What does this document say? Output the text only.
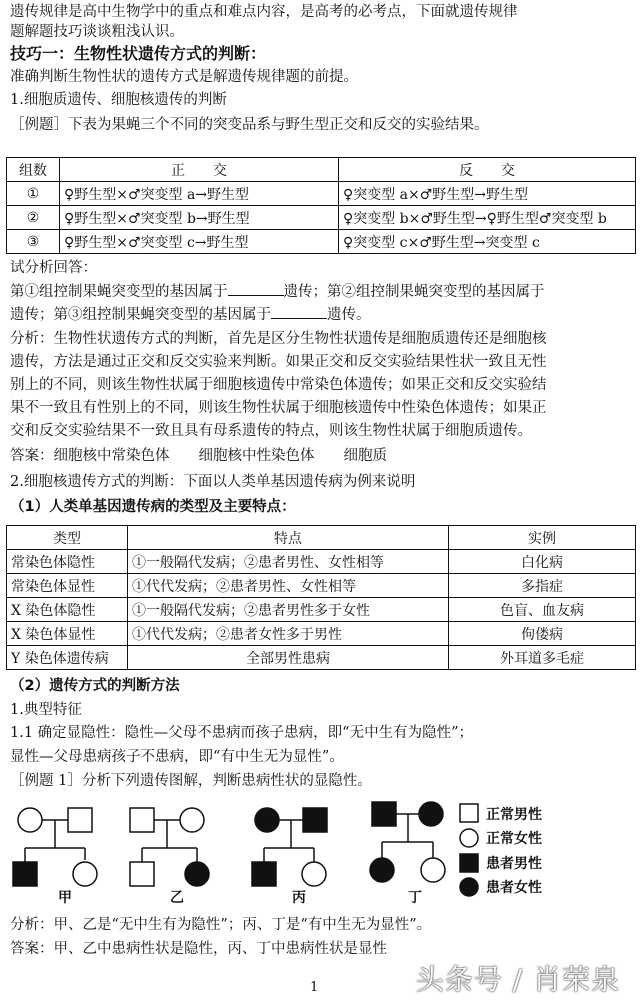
遗传规律是高中生物学中的重点和难点内容，是高考的必考点，下面就遗传规律
题解题技巧谈谈粗浅认识。
技巧一：生物性状遗传方式的判断：
准确判断生物性状的遗传方式是解遗传规律题的前提。
1.细胞质遗传、细胞核遗传的判断
［例题］下表为果蝇三个不同的突变品系与野生型正交和反交的实验结果。
组数	正　　交	反　　交
①	♀野生型×♂突变型 a→野生型	♀突变型 a×♂野生型→野生型
②	♀野生型×♂突变型 b→野生型	♀突变型 b×♂野生型→♀野生型♂突变型 b
③	♀野生型×♂突变型 c→野生型	♀突变型 c×♂野生型→突变型 c
试分析回答：
第①组控制果蝇突变型的基因属于	遗传；第②组控制果蝇突变型的基因属于
遗传；第③组控制果蝇突变型的基因属于	遗传。
分析：生物性状遗传方式的判断，首先是区分生物性状遗传是细胞质遗传还是细胞核
遗传，方法是通过正交和反交实验来判断。如果正交和反交实验结果性状一致且无性
别上的不同，则该生物性状属于细胞核遗传中常染色体遗传；如果正交和反交实验结
果不一致且有性别上的不同，则该生物性状属于细胞核遗传中性染色体遗传；如果正
交和反交实验结果不一致且具有母系遗传的特点，则该生物性状属于细胞质遗传。
答案：细胞核中常染色体　　细胞核中性染色体　　细胞质
2.细胞核遗传方式的判断：下面以人类单基因遗传病为例来说明
（1）人类单基因遗传病的类型及主要特点：
类型	特点	实例
常染色体隐性	①一般隔代发病；②患者男性、女性相等	白化病
常染色体显性	①代代发病；②患者男性、女性相等	多指症
X 染色体隐性	①一般隔代发病；②患者男性多于女性	色盲、血友病
X 染色体显性	①代代发病；②患者女性多于男性	佝偻病
Y 染色体遗传病	全部男性患病	外耳道多毛症
（2）遗传方式的判断方法
1.典型特征
1.1 确定显隐性：隐性—父母不患病而孩子患病，即“无中生有为隐性”；
显性—父母患病孩子不患病，即“有中生无为显性”。
［例题 1］分析下列遗传图解，判断患病性状的显隐性。
甲	乙	丙	丁
正常男性
正常女性
患者男性
患者女性
分析：甲、乙是“无中生有为隐性”；丙、丁是“有中生无为显性”。
答案：甲、乙中患病性状是隐性，丙、丁中患病性状是显性
头条号 / 肖荣泉
1
